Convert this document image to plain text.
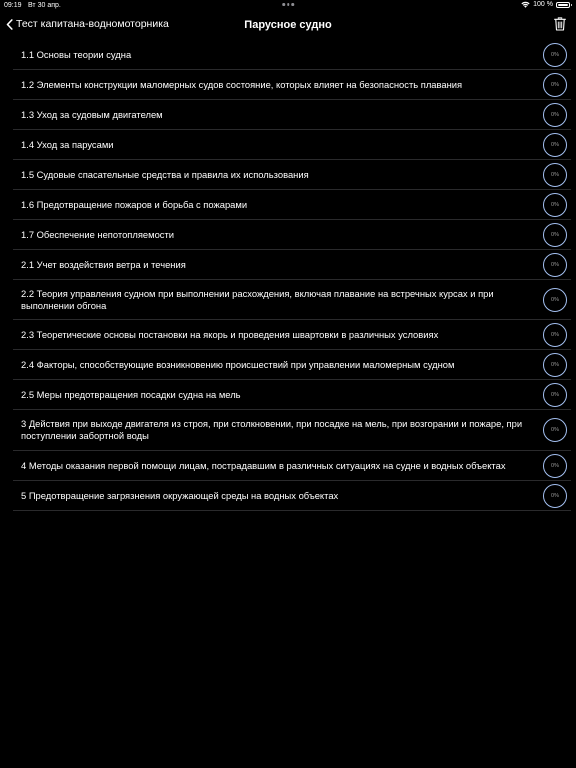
09:19 Вт 30 апр.	100 %
Тест капитана-водномоторника	Парусное судно
1.1 Основы теории судна	0%
1.2 Элементы конструкции маломерных судов состояние, которых влияет на безопасность плавания	0%
1.3 Уход за судовым двигателем	0%
1.4 Уход за парусами	0%
1.5 Судовые спасательные средства и правила их использования	0%
1.6 Предотвращение пожаров и борьба с пожарами	0%
1.7 Обеспечение непотопляемости	0%
2.1 Учет воздействия ветра и течения	0%
2.2 Теория управления судном при выполнении расхождения, включая плавание на встречных курсах и при выполнении обгона	0%
2.3 Теоретические основы постановки на якорь и проведения швартовки в различных условиях	0%
2.4 Факторы, способствующие возникновению происшествий при управлении маломерным судном	0%
2.5 Меры предотвращения посадки судна на мель	0%
3 Действия при выходе двигателя из строя, при столкновении, при посадке на мель, при возгорании и пожаре, при поступлении забортной воды	0%
4 Методы оказания первой помощи лицам, пострадавшим в различных ситуациях на судне и водных объектах	0%
5 Предотвращение загрязнения окружающей среды на водных объектах	0%
